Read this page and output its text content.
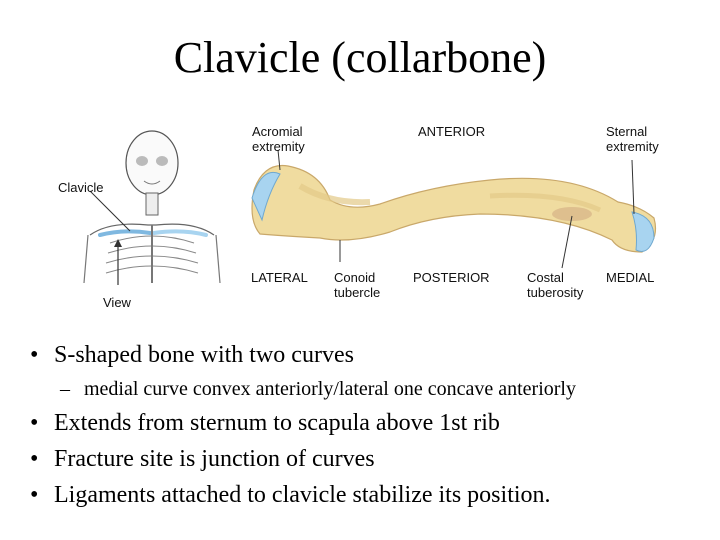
Clavicle (collarbone)
Clavicle
View
Acromial
extremity
ANTERIOR	Sternal
extremity
LATERAL Conoid
tubercle
POSTERIOR	Costal
tuberosity
MEDIAL
• S-shaped bone with two curves
– medial curve convex anteriorly/lateral one concave anteriorly
• Extends from sternum to scapula above 1st rib
• Fracture site is junction of curves
• Ligaments attached to clavicle stabilize its position.
